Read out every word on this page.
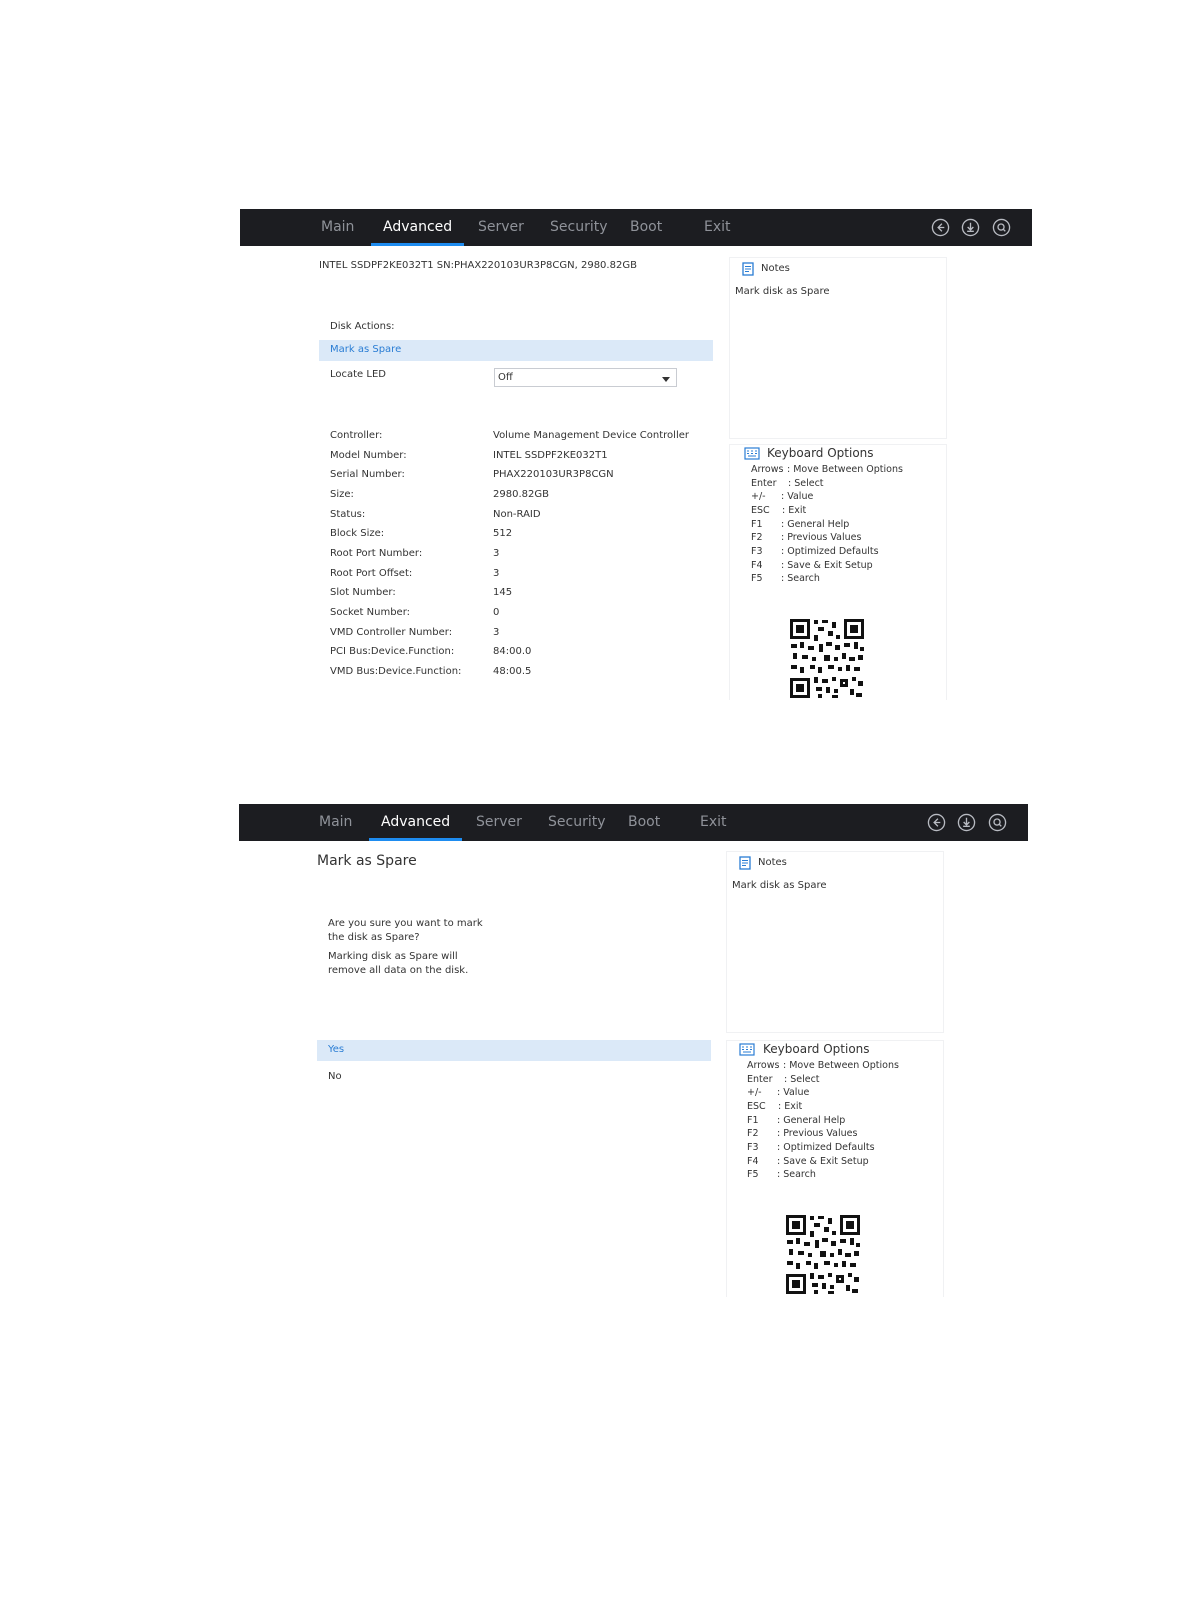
Main Advanced Server Security Boot	Exit
INTEL SSDPF2KE032T1 SN:PHAX220103UR3P8CGN, 2980.82GB
Disk Actions:
Mark as Spare
Locate LED	Off
Controller:	Volume Management Device Controller
Model Number:	INTEL SSDPF2KE032T1
Serial Number:	PHAX220103UR3P8CGN
Size:	2980.82GB
Status:	Non-RAID
Block Size:	512
Root Port Number:	3
Root Port Offset:	3
Slot Number:	145
Socket Number:	0
VMD Controller Number:	3
PCI Bus:Device.Function:	84:00.0
VMD Bus:Device.Function:	48:00.5
Notes
Mark disk as Spare
Keyboard Options
Arrows : Move Between Options
Enter : Select
+/- : Value
ESC : Exit
F1 : General Help
F2 : Previous Values
F3 : Optimized Defaults
F4 : Save & Exit Setup
F5 : Search
Main Advanced Server Security Boot	Exit
Mark as Spare
Are you sure you want to mark
the disk as Spare?
Marking disk as Spare will
remove all data on the disk.
Yes
No
Notes
Mark disk as Spare
Keyboard Options
Arrows : Move Between Options
Enter : Select
+/- : Value
ESC : Exit
F1 : General Help
F2 : Previous Values
F3 : Optimized Defaults
F4 : Save & Exit Setup
F5 : Search
